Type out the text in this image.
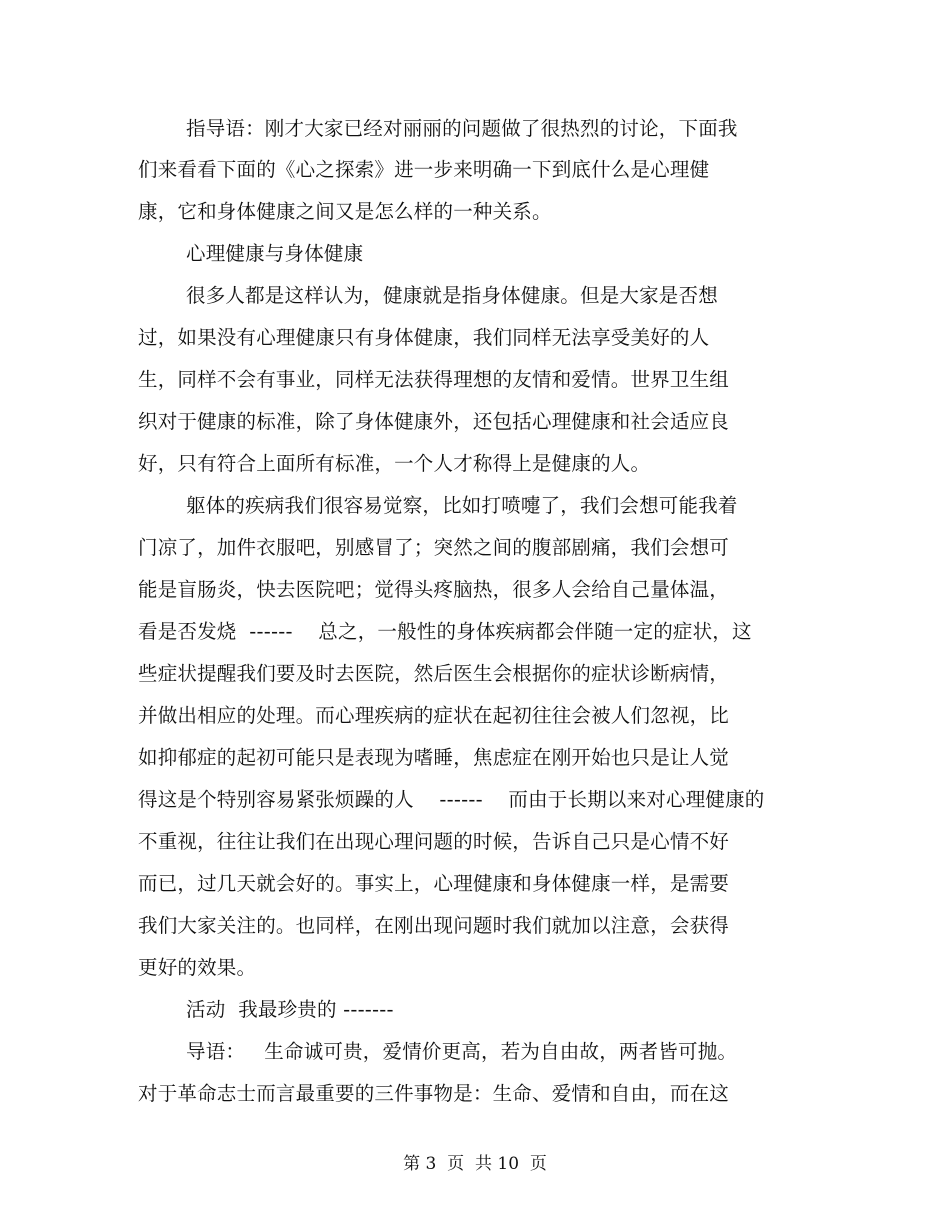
指导语：刚才大家已经对丽丽的问题做了很热烈的讨论，下面我
们来看看下面的《心之探索》进一步来明确一下到底什么是心理健
康，它和身体健康之间又是怎么样的一种关系。
心理健康与身体健康
很多人都是这样认为，健康就是指身体健康。但是大家是否想
过，如果没有心理健康只有身体健康，我们同样无法享受美好的人
生，同样不会有事业，同样无法获得理想的友情和爱情。世界卫生组
织对于健康的标准，除了身体健康外，还包括心理健康和社会适应良
好，只有符合上面所有标准，一个人才称得上是健康的人。
躯体的疾病我们很容易觉察，比如打喷嚏了，我们会想可能我着
门凉了，加件衣服吧，别感冒了；突然之间的腹部剧痛，我们会想可
能是盲肠炎，快去医院吧；觉得头疼脑热，很多人会给自己量体温，
看是否发烧  ------    总之，一般性的身体疾病都会伴随一定的症状，这
些症状提醒我们要及时去医院，然后医生会根据你的症状诊断病情，
并做出相应的处理。而心理疾病的症状在起初往往会被人们忽视，比
如抑郁症的起初可能只是表现为嗜睡，焦虑症在刚开始也只是让人觉
得这是个特别容易紧张烦躁的人    ------    而由于长期以来对心理健康的
不重视，往往让我们在出现心理问题的时候，告诉自己只是心情不好
而已，过几天就会好的。事实上，心理健康和身体健康一样，是需要
我们大家关注的。也同样，在刚出现问题时我们就加以注意，会获得
更好的效果。
活动  我最珍贵的 -------
导语：   生命诚可贵，爱情价更高，若为自由故，两者皆可抛。
对于革命志士而言最重要的三件事物是：生命、爱情和自由，而在这
第 3  页  共 10  页
